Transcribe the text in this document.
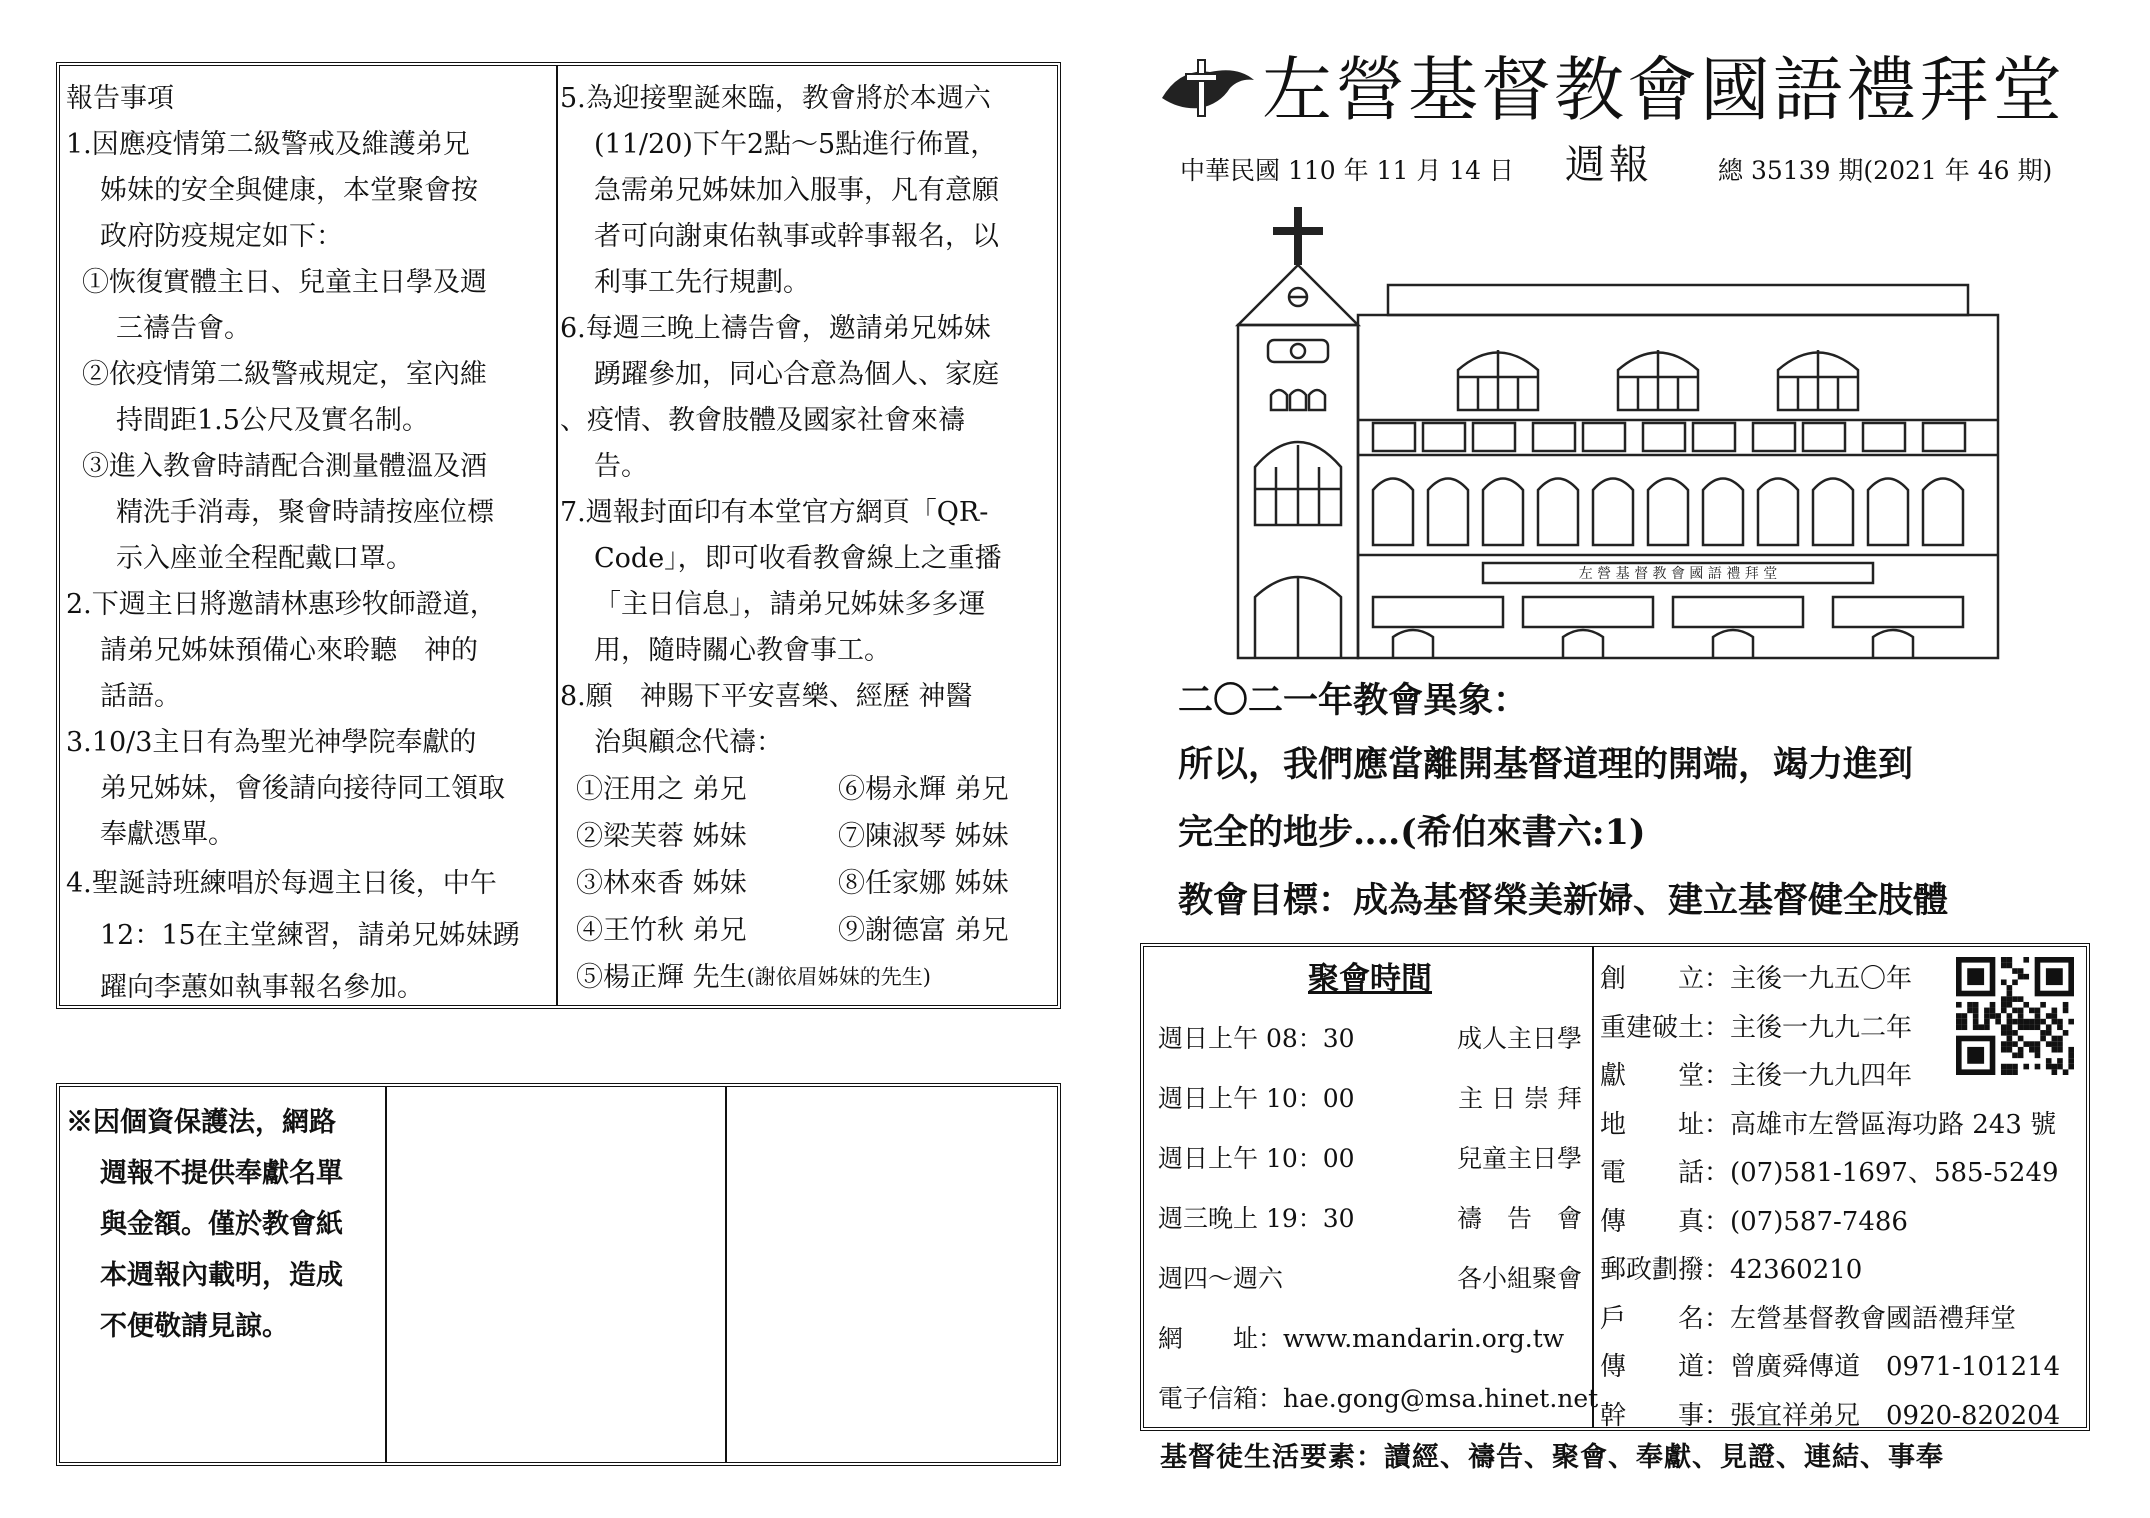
報告事項
1.因應疫情第二級警戒及維護弟兄
姊妹的安全與健康，本堂聚會按
政府防疫規定如下：
①恢復實體主日、兒童主日學及週
三禱告會。
②依疫情第二級警戒規定，室內維
持間距1.5公尺及實名制。
③進入教會時請配合測量體溫及酒
精洗手消毒，聚會時請按座位標
示入座並全程配戴口罩。
2.下週主日將邀請林惠珍牧師證道，
請弟兄姊妹預備心來聆聽　神的
話語。
3.10/3主日有為聖光神學院奉獻的
弟兄姊妹，會後請向接待同工領取
奉獻憑單。
4.聖誕詩班練唱於每週主日後，中午
12：15在主堂練習，請弟兄姊妹踴
躍向李蕙如執事報名參加。
5.為迎接聖誕來臨，教會將於本週六
(11/20)下午2點～5點進行佈置，
急需弟兄姊妹加入服事，凡有意願
者可向謝東佑執事或幹事報名，以
利事工先行規劃。
6.每週三晚上禱告會，邀請弟兄姊妹
踴躍參加，同心合意為個人、家庭
、疫情、教會肢體及國家社會來禱
告。
7.週報封面印有本堂官方網頁「QR-
Code」，即可收看教會線上之重播
「主日信息」，請弟兄姊妹多多運
用，隨時關心教會事工。
8.願　神賜下平安喜樂、經歷 神醫
治與顧念代禱：
①汪用之 弟兄	⑥楊永輝 弟兄
②梁芙蓉 姊妹	⑦陳淑琴 姊妹
③林來香 姊妹	⑧任家娜 姊妹
④王竹秋 弟兄	⑨謝德富 弟兄
⑤楊正輝 先生 (謝依眉姊妹的先生)
※因個資保護法，網路
週報不提供奉獻名單
與金額。僅於教會紙
本週報內載明，造成
不便敬請見諒。
左營基督教會國語禮拜堂
中華民國 110 年 11 月 14 日 週報	總 35139 期(2021 年 46 期)
左 營 基 督 教 會 國 語 禮 拜 堂
二〇二一年教會異象：
所以，我們應當離開基督道理的開端，竭力進到
完全的地步‥‥(希伯來書六:1)
教會目標：成為基督榮美新婦、建立基督健全肢體
聚會時間
週日上午 08：30	成人主日學
週日上午 10：00	主 日 崇 拜
週日上午 10：00	兒童主日學
週三晚上 19：30	禱　告　會
週四～週六	各小組聚會
網　　址：www.mandarin.org.tw
電子信箱：hae.gong@msa.hinet.net
創　　立：主後一九五〇年
重建破土：主後一九九二年
獻　　堂：主後一九九四年
地　　址：高雄市左營區海功路 243 號
電　　話：(07)581-1697、585-5249
傳　　真：(07)587-7486
郵政劃撥：42360210
戶　　名：左營基督教會國語禮拜堂
傳　　道：曾廣舜傳道　0971-101214
幹　　事：張宜祥弟兄　0920-820204
基督徒生活要素：讀經、禱告、聚會、奉獻、見證、連結、事奉
